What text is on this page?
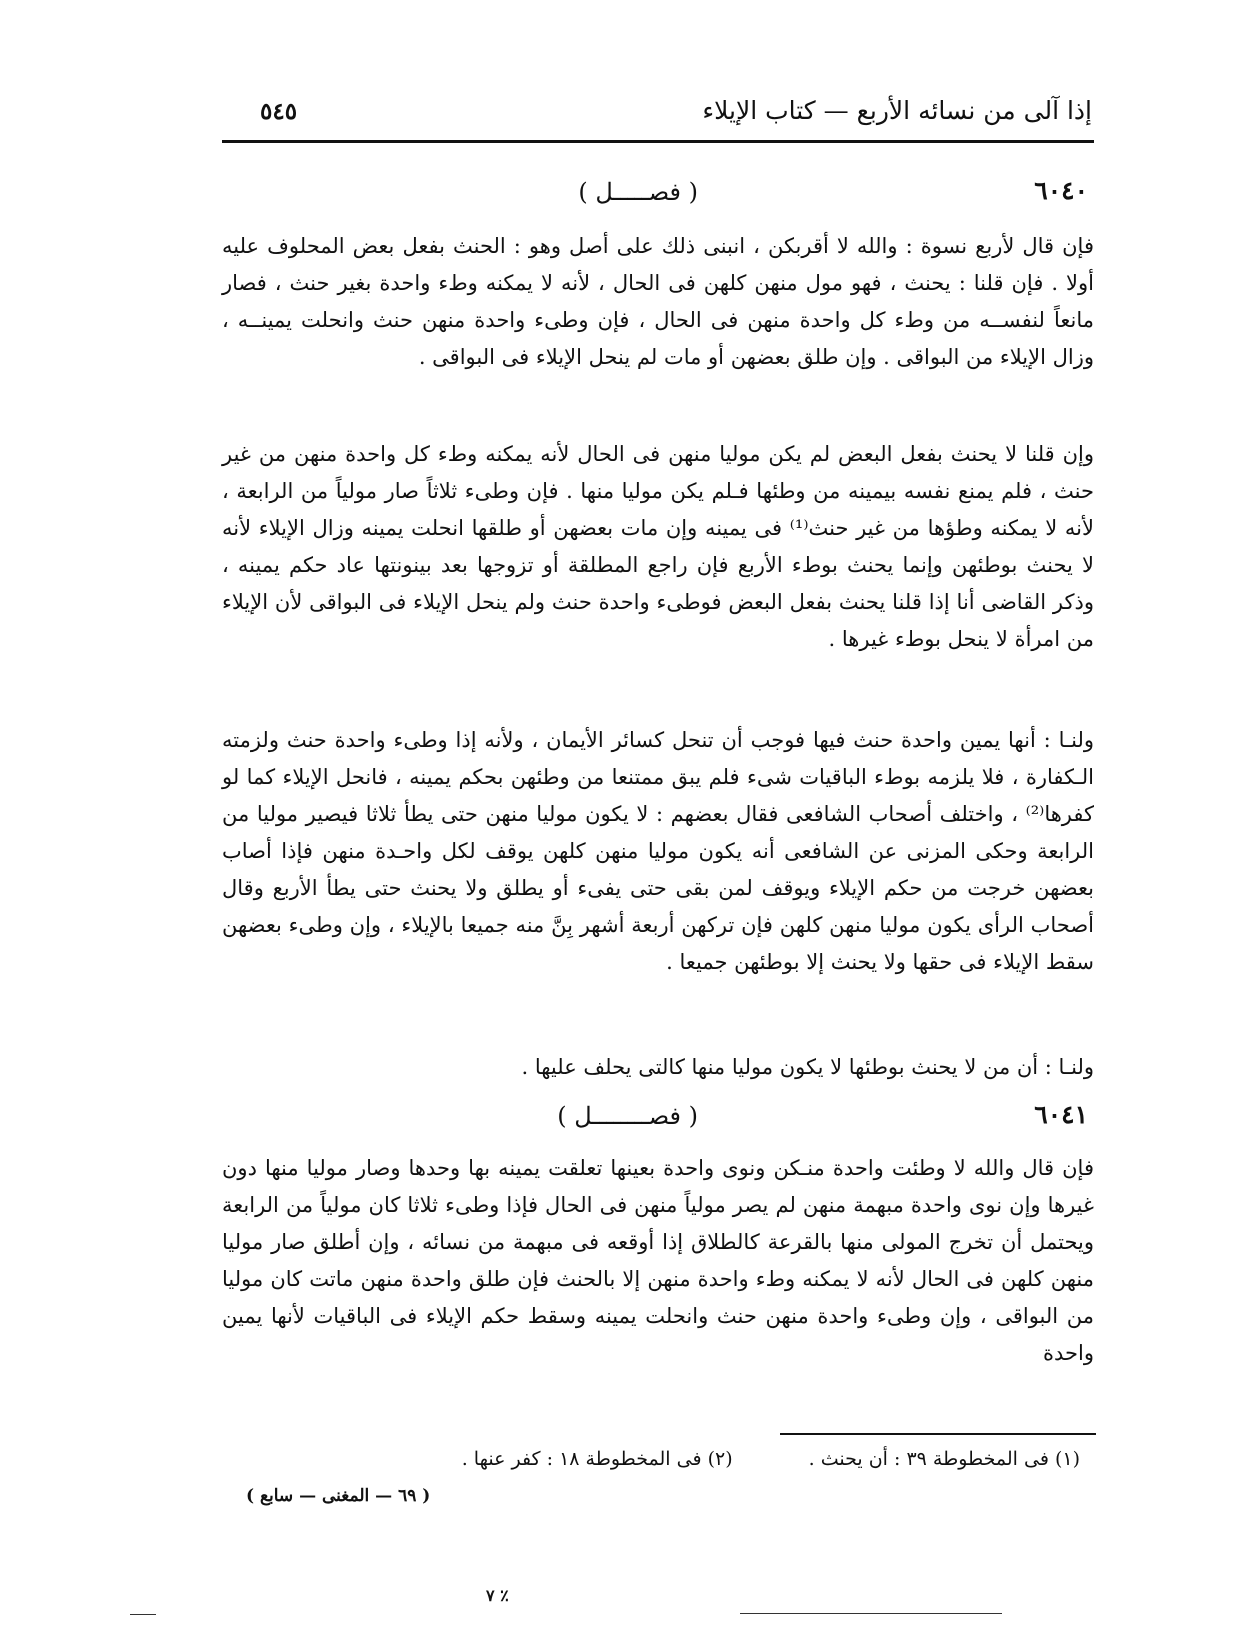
إذا آلى من نسائه الأربع — كتاب الإيلاء
٥٤٥
٦٠٤٠
( فصـــــل )

فإن قال لأربع نسوة : والله لا أقربكن ، انبنى ذلك على أصل وهو : الحنث بفعل بعض المحلوف عليه أولا . فإن قلنا : يحنث ، فهو مول منهن كلهن فى الحال ، لأنه لا يمكنه وطء واحدة بغير حنث ، فصار مانعاً لنفســه من وطء كل واحدة منهن فى الحال ، فإن وطىء واحدة منهن حنث وانحلت يمينــه ، وزال الإيلاء من البواقى . وإن طلق بعضهن أو مات لم ينحل الإيلاء فى البواقى .

وإن قلنا لا يحنث بفعل البعض لم يكن موليا منهن فى الحال لأنه يمكنه وطء كل واحدة منهن من غير حنث ، فلم يمنع نفسه بيمينه من وطئها فـلم يكن موليا منها . فإن وطىء ثلاثاً صار مولياً من الرابعة ، لأنه لا يمكنه وطؤها من غير حنث⁽¹⁾ فى يمينه وإن مات بعضهن أو طلقها انحلت يمينه وزال الإيلاء لأنه لا يحنث بوطئهن وإنما يحنث بوطء الأربع فإن راجع المطلقة أو تزوجها بعد بينونتها عاد حكم يمينه ، وذكر القاضى أنا إذا قلنا يحنث بفعل البعض فوطىء واحدة حنث ولم ينحل الإيلاء فى البواقى لأن الإيلاء من امرأة لا ينحل بوطء غيرها .

ولنـا : أنها يمين واحدة حنث فيها فوجب أن تنحل كسائر الأيمان ، ولأنه إذا وطىء واحدة حنث ولزمته الـكفارة ، فلا يلزمه بوطء الباقيات شىء فلم يبق ممتنعا من وطئهن بحكم يمينه ، فانحل الإيلاء كما لو كفرها⁽²⁾ ، واختلف أصحاب الشافعى فقال بعضهم : لا يكون موليا منهن حتى يطأ ثلاثا فيصير موليا من الرابعة وحكى المزنى عن الشافعى أنه يكون موليا منهن كلهن يوقف لكل واحـدة منهن فإذا أصاب بعضهن خرجت من حكم الإيلاء ويوقف لمن بقى حتى يفىء أو يطلق ولا يحنث حتى يطأ الأربع وقال أصحاب الرأى يكون موليا منهن كلهن فإن تركهن أربعة أشهر بِنَّ منه جميعا بالإيلاء ، وإن وطىء بعضهن سقط الإيلاء فى حقها ولا يحنث إلا بوطئهن جميعا .

ولنـا : أن من لا يحنث بوطئها لا يكون موليا منها كالتى يحلف عليها .

٦٠٤١
( فصــــــــل )

فإن قال والله لا وطئت واحدة منـكن ونوى واحدة بعينها تعلقت يمينه بها وحدها وصار موليا منها دون غيرها وإن نوى واحدة مبهمة منهن لم يصر مولياً منهن فى الحال فإذا وطىء ثلاثا كان مولياً من الرابعة ويحتمل أن تخرج المولى منها بالقرعة كالطلاق إذا أوقعه فى مبهمة من نسائه ، وإن أطلق صار موليا منهن كلهن فى الحال لأنه لا يمكنه وطء واحدة منهن إلا بالحنث فإن طلق واحدة منهن ماتت كان موليا من البواقى ، وإن وطىء واحدة منهن حنث وانحلت يمينه وسقط حكم الإيلاء فى الباقيات لأنها يمين واحدة

(١) فى المخطوطة ٣٩ : أن يحنث . (٢) فى المخطوطة ١٨ : كفر عنها .
( ٦٩ — المغنى — سابع )
٧ ٪
